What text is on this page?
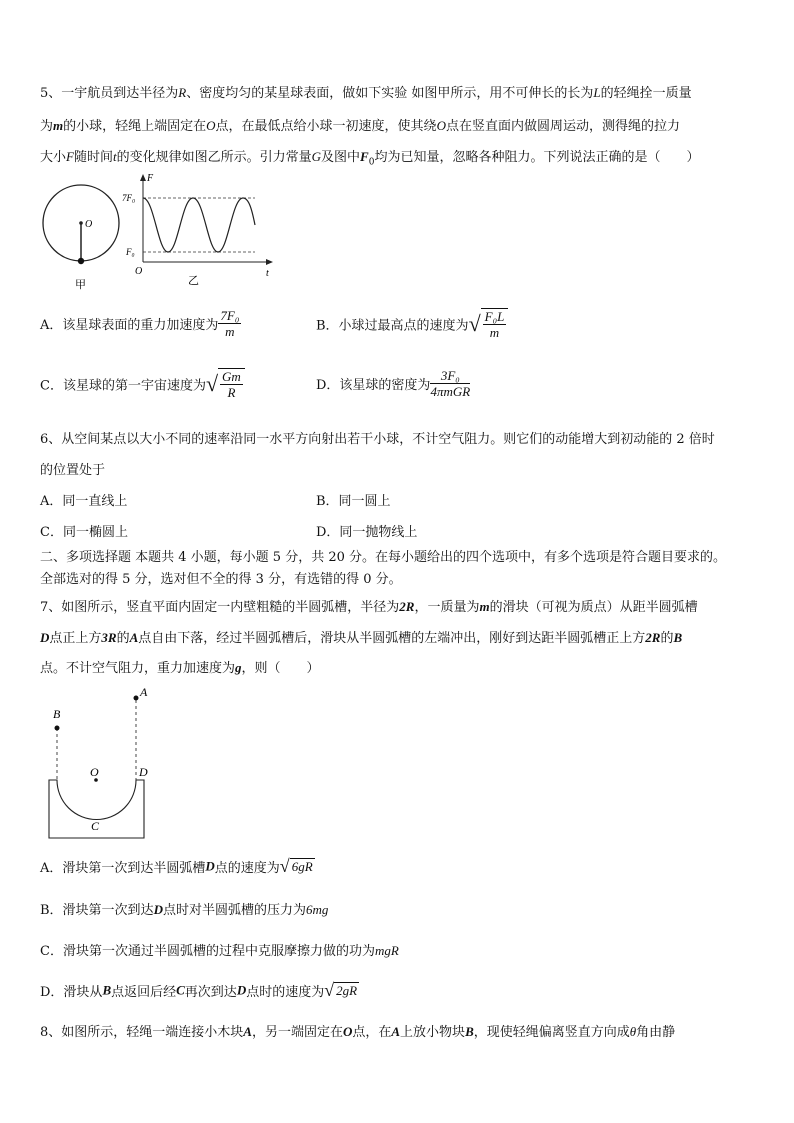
5、一宇航员到达半径为R、密度均匀的某星球表面，做如下实验 如图甲所示，用不可伸长的长为L的轻绳拴一质量
为m的小球，轻绳上端固定在O点，在最低点给小球一初速度，使其绕O点在竖直面内做圆周运动，测得绳的拉力
大小F随时间t的变化规律如图乙所示。引力常量G及图中$F_0$均为已知量，忽略各种阻力。下列说法正确的是（　　）
O
甲
F
t
O
7F₀
F₀
乙
A．该星球表面的重力加速度为 $\frac{\text{7F₀}}{m}$	B．小球过最高点的速度为√ $\frac{\text{F₀L}}{m}$
C．该星球的第一宇宙速度为√ $\frac{Gm}{R}$	D．该星球的密度为 $\frac{\text{3F₀}}{\text{4πmGR}}$
6、从空间某点以大小不同的速率沿同一水平方向射出若干小球，不计空气阻力。则它们的动能增大到初动能的 2 倍时
的位置处于
A．同一直线上	B．同一圆上
C．同一椭圆上	D．同一抛物线上
二、多项选择题 本题共 4 小题，每小题 5 分，共 20 分。在每小题给出的四个选项中，有多个选项是符合题目要求的。
全部选对的得 5 分，选对但不全的得 3 分，有选错的得 0 分。
7、如图所示，竖直平面内固定一内壁粗糙的半圆弧槽，半径为2R，一质量为m的滑块（可视为质点）从距半圆弧槽
D点正上方3R的A点自由下落，经过半圆弧槽后，滑块从半圆弧槽的左端冲出，刚好到达距半圆弧槽正上方2R的B
点。不计空气阻力，重力加速度为g，则（　　）
A
B
O	D
C
A．滑块第一次到达半圆弧槽D点的速度为√ 6gR
B．滑块第一次到达D点时对半圆弧槽的压力为6mg
C．滑块第一次通过半圆弧槽的过程中克服摩擦力做的功为mgR
D．滑块从B点返回后经C再次到达D点时的速度为√ 2gR
8、如图所示，轻绳一端连接小木块A，另一端固定在O点，在A上放小物块B，现使轻绳偏离竖直方向成θ角由静
